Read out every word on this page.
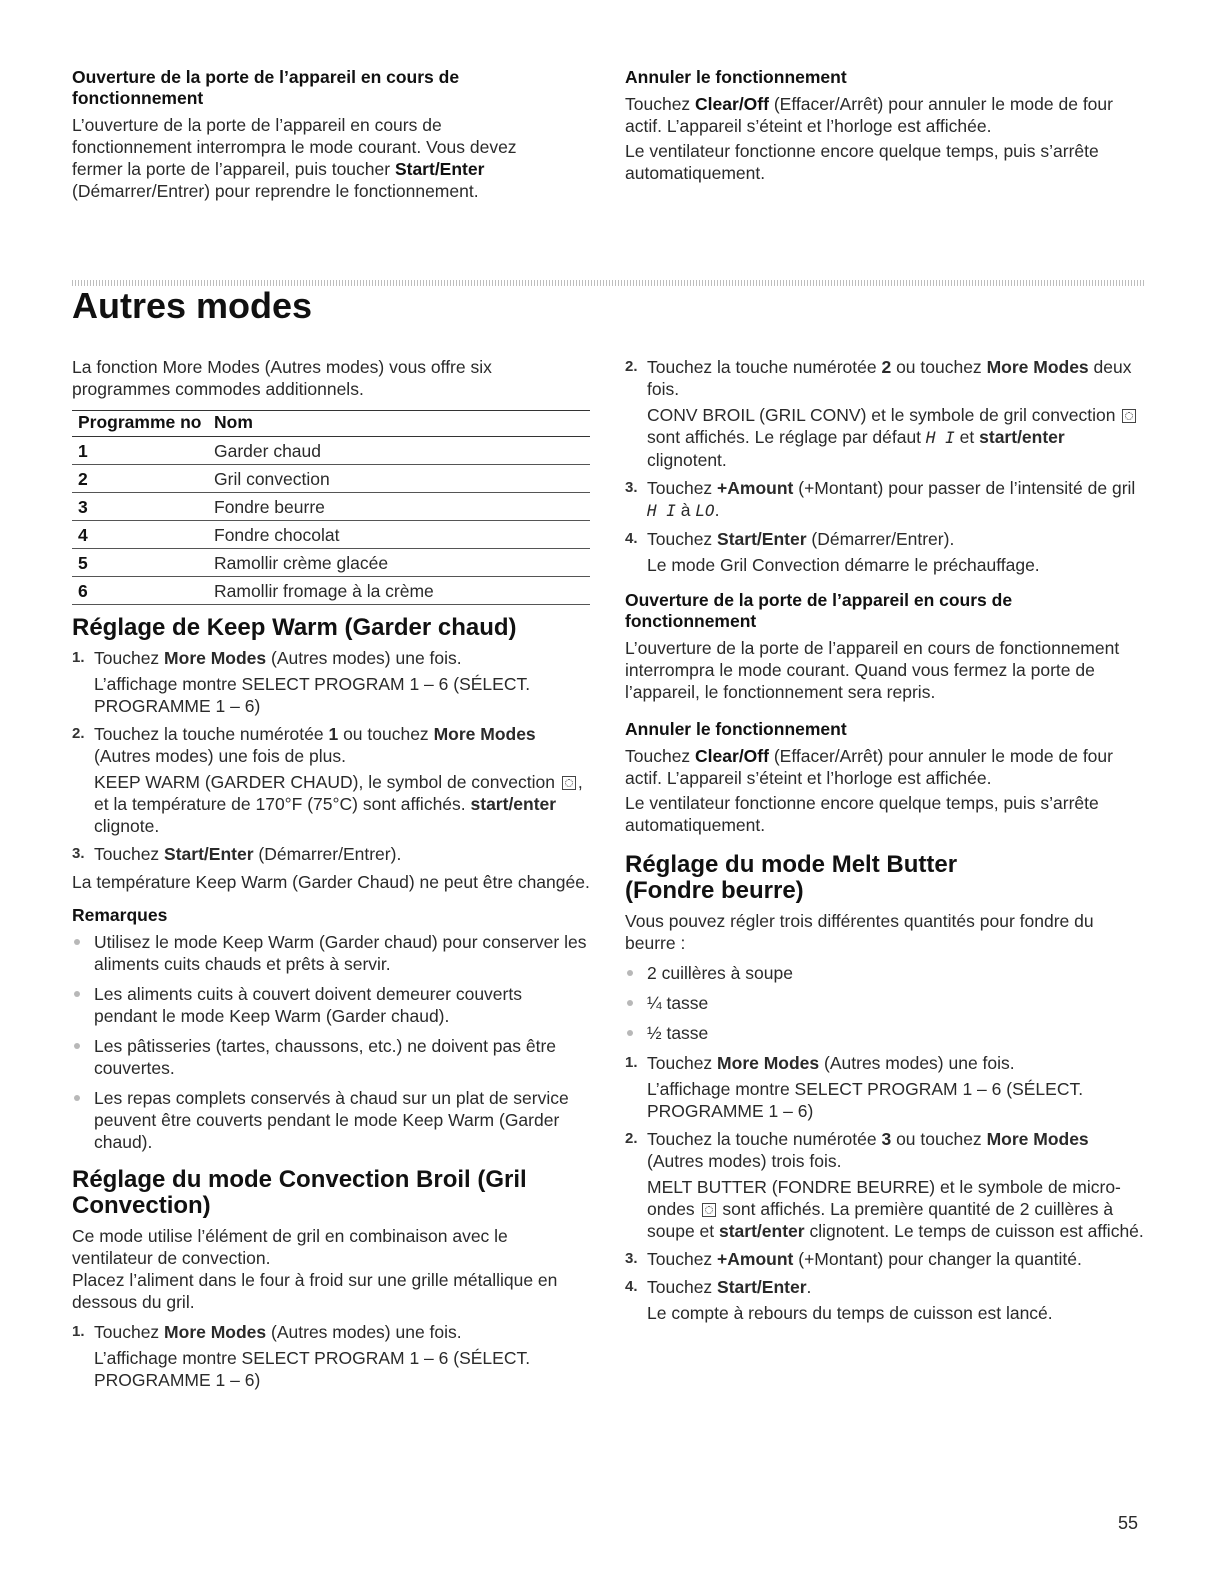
Ouverture de la porte de l’appareil en cours de fonctionnement
L’ouverture de la porte de l’appareil en cours de fonctionnement interrompra le mode courant. Vous devez fermer la porte de l’appareil, puis toucher Start/Enter (Démarrer/Entrer) pour reprendre le fonctionnement.
Annuler le fonctionnement
Touchez Clear/Off (Effacer/Arrêt) pour annuler le mode de four actif. L’appareil s’éteint et l’horloge est affichée.
Le ventilateur fonctionne encore quelque temps, puis s’arrête automatiquement.
Autres modes
La fonction More Modes (Autres modes) vous offre six programmes commodes additionnels.
Programme no	Nom
1	Garder chaud
2	Gril convection
3	Fondre beurre
4	Fondre chocolat
5	Ramollir crème glacée
6	Ramollir fromage à la crème
Réglage de Keep Warm (Garder chaud)
1. Touchez More Modes (Autres modes) une fois.
L’affichage montre SELECT PROGRAM 1 – 6 (SÉLECT. PROGRAMME 1 – 6)
2. Touchez la touche numérotée 1 ou touchez More Modes (Autres modes) une fois de plus.
KEEP WARM (GARDER CHAUD), le symbol de convection , et la température de 170°F (75°C) sont affichés. start/enter clignote.
3. Touchez Start/Enter (Démarrer/Entrer).
La température Keep Warm (Garder Chaud) ne peut être changée.
Remarques
Utilisez le mode Keep Warm (Garder chaud) pour conserver les aliments cuits chauds et prêts à servir.
Les aliments cuits à couvert doivent demeurer couverts pendant le mode Keep Warm (Garder chaud).
Les pâtisseries (tartes, chaussons, etc.) ne doivent pas être couvertes.
Les repas complets conservés à chaud sur un plat de service peuvent être couverts pendant le mode Keep Warm (Garder chaud).
Réglage du mode Convection Broil (Gril Convection)
Ce mode utilise l’élément de gril en combinaison avec le ventilateur de convection.
Placez l’aliment dans le four à froid sur une grille métallique en dessous du gril.
1. Touchez More Modes (Autres modes) une fois.
L’affichage montre SELECT PROGRAM 1 – 6 (SÉLECT. PROGRAMME 1 – 6)
2. Touchez la touche numérotée 2 ou touchez More Modes deux fois.
CONV BROIL (GRIL CONV) et le symbole de gril convection  sont affichés. Le réglage par défaut H I et start/enter clignotent.
3. Touchez +Amount (+Montant) pour passer de l’intensité de gril H I à LO.
4. Touchez Start/Enter (Démarrer/Entrer).
Le mode Gril Convection démarre le préchauffage.
Ouverture de la porte de l’appareil en cours de fonctionnement
L’ouverture de la porte de l’appareil en cours de fonctionnement interrompra le mode courant. Quand vous fermez la porte de l’appareil, le fonctionnement sera repris.
Annuler le fonctionnement
Touchez Clear/Off (Effacer/Arrêt) pour annuler le mode de four actif. L’appareil s’éteint et l’horloge est affichée.
Le ventilateur fonctionne encore quelque temps, puis s’arrête automatiquement.
Réglage du mode Melt Butter (Fondre beurre)
Vous pouvez régler trois différentes quantités pour fondre du beurre :
2 cuillères à soupe
¼ tasse
½ tasse
1. Touchez More Modes (Autres modes) une fois.
L’affichage montre SELECT PROGRAM 1 – 6 (SÉLECT. PROGRAMME 1 – 6)
2. Touchez la touche numérotée 3 ou touchez More Modes (Autres modes) trois fois.
MELT BUTTER (FONDRE BEURRE) et le symbole de micro-ondes  sont affichés. La première quantité de 2 cuillères à soupe et start/enter clignotent. Le temps de cuisson est affiché.
3. Touchez +Amount (+Montant) pour changer la quantité.
4. Touchez Start/Enter.
Le compte à rebours du temps de cuisson est lancé.
55
